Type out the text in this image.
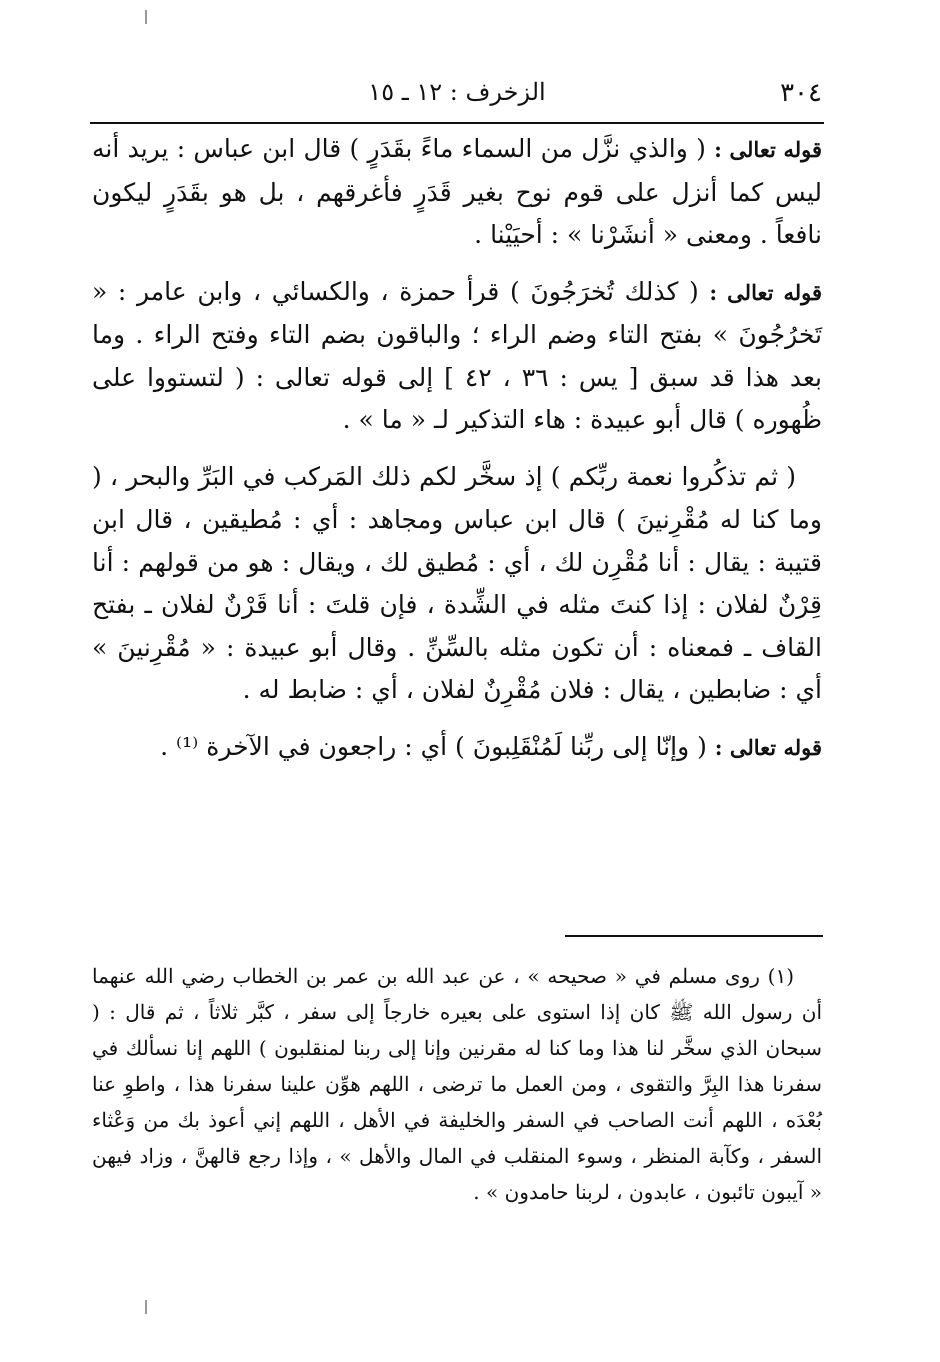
٣٠٤
الزخرف : ١٢ ـ ١٥

قوله تعالى : ( والذي نزَّل من السماء ماءً بقَدَرٍ ) قال ابن عباس : يريد أنه ليس كما أنزل على قوم نوح بغير قَدَرٍ فأغرقهم ، بل هو بقَدَرٍ ليكون نافعاً . ومعنى « أنشَرْنا » : أحيَيْنا .

قوله تعالى : ( كذلك تُخرَجُونَ ) قرأ حمزة ، والكسائي ، وابن عامر : « تَخرُجُونَ » بفتح التاء وضم الراء ؛ والباقون بضم التاء وفتح الراء . وما بعد هذا قد سبق [ يس : ٣٦ ، ٤٢ ] إلى قوله تعالى : ( لتستووا على ظُهوره ) قال أبو عبيدة : هاء التذكير لـ « ما » .

( ثم تذكُروا نعمة ربِّكم ) إذ سخَّر لكم ذلك المَركب في البَرِّ والبحر ، ( وما كنا له مُقْرِنينَ ) قال ابن عباس ومجاهد : أي : مُطيقين ، قال ابن قتيبة : يقال : أنا مُقْرِن لك ، أي : مُطيق لك ، ويقال : هو من قولهم : أنا قِرْنٌ لفلان : إذا كنتَ مثله في الشِّدة ، فإن قلتَ : أنا قَرْنٌ لفلان ـ بفتح القاف ـ فمعناه : أن تكون مثله بالسِّنِّ . وقال أبو عبيدة : « مُقْرِنينَ » أي : ضابطين ، يقال : فلان مُقْرِنٌ لفلان ، أي : ضابط له .

قوله تعالى : ( وإنّا إلى ربِّنا لَمُنْقَلِبونَ ) أي : راجعون في الآخرة ⁽¹⁾ .

(١) روى مسلم في « صحيحه » ، عن عبد الله بن عمر بن الخطاب رضي الله عنهما أن رسول الله ﷺ كان إذا استوى على بعيره خارجاً إلى سفر ، كبَّر ثلاثاً ، ثم قال : ( سبحان الذي سخَّر لنا هذا وما كنا له مقرنين وإنا إلى ربنا لمنقلبون ) اللهم إنا نسألك في سفرنا هذا البِرَّ والتقوى ، ومن العمل ما ترضى ، اللهم هوِّن علينا سفرنا هذا ، واطوِ عنا بُعْدَه ، اللهم أنت الصاحب في السفر والخليفة في الأهل ، اللهم إني أعوذ بك من وَعْثاء السفر ، وكآبة المنظر ، وسوء المنقلب في المال والأهل » ، وإذا رجع قالهنَّ ، وزاد فيهن « آيبون تائبون ، عابدون ، لربنا حامدون » .
